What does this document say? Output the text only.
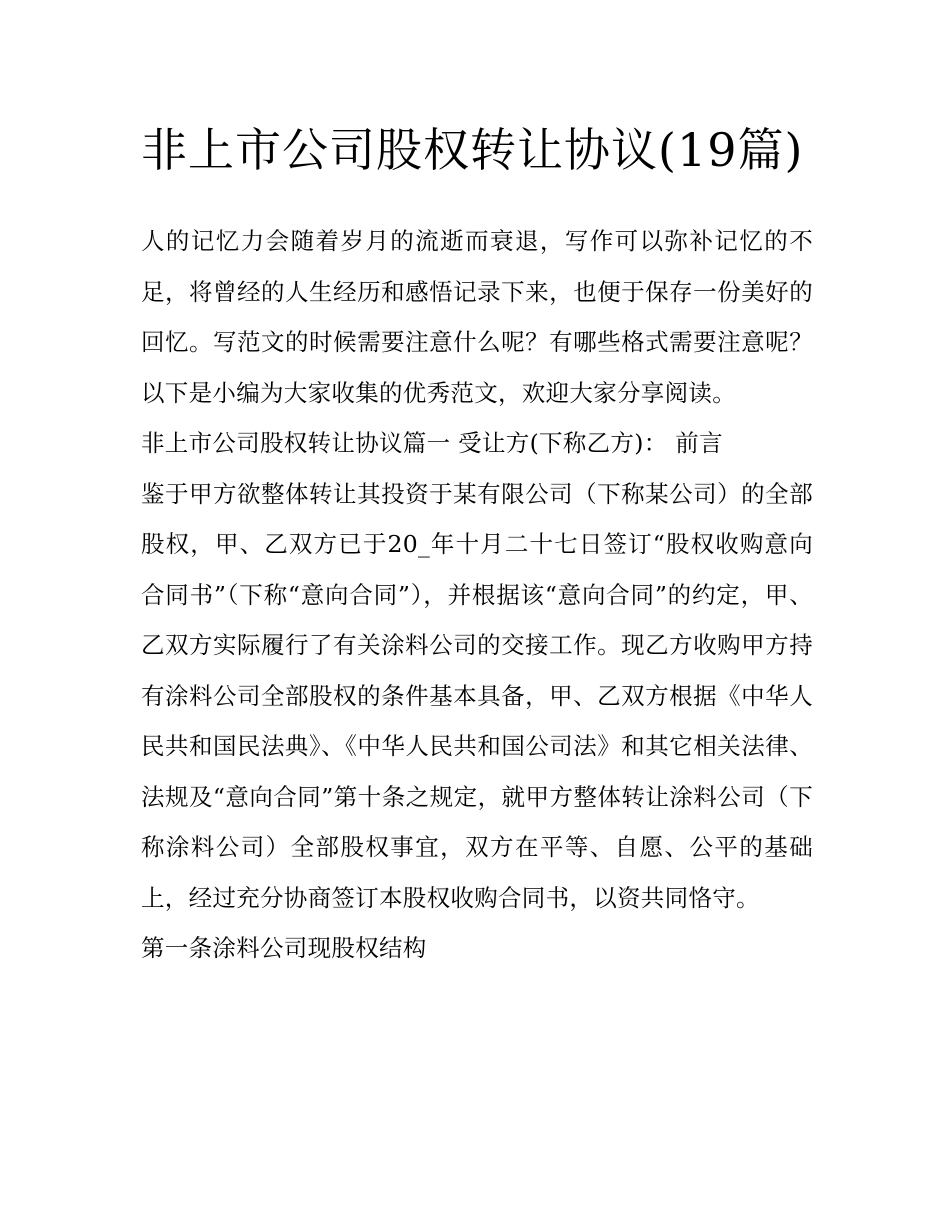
非上市公司股权转让协议(19篇)

人的记忆力会随着岁月的流逝而衰退，写作可以弥补记忆的不足，将曾经的人生经历和感悟记录下来，也便于保存一份美好的回忆。写范文的时候需要注意什么呢？有哪些格式需要注意呢？以下是小编为大家收集的优秀范文，欢迎大家分享阅读。

非上市公司股权转让协议篇一 受让方(下称乙方)： 前言

鉴于甲方欲整体转让其投资于某有限公司（下称某公司）的全部股权，甲、乙双方已于20_年十月二十七日签订“股权收购意向合同书”（下称“意向合同”），并根据该“意向合同”的约定，甲、乙双方实际履行了有关涂料公司的交接工作。现乙方收购甲方持有涂料公司全部股权的条件基本具备，甲、乙双方根据《中华人民共和国民法典》、《中华人民共和国公司法》和其它相关法律、法规及“意向合同”第十条之规定，就甲方整体转让涂料公司（下称涂料公司）全部股权事宜，双方在平等、自愿、公平的基础上，经过充分协商签订本股权收购合同书，以资共同恪守。

第一条涂料公司现股权结构
